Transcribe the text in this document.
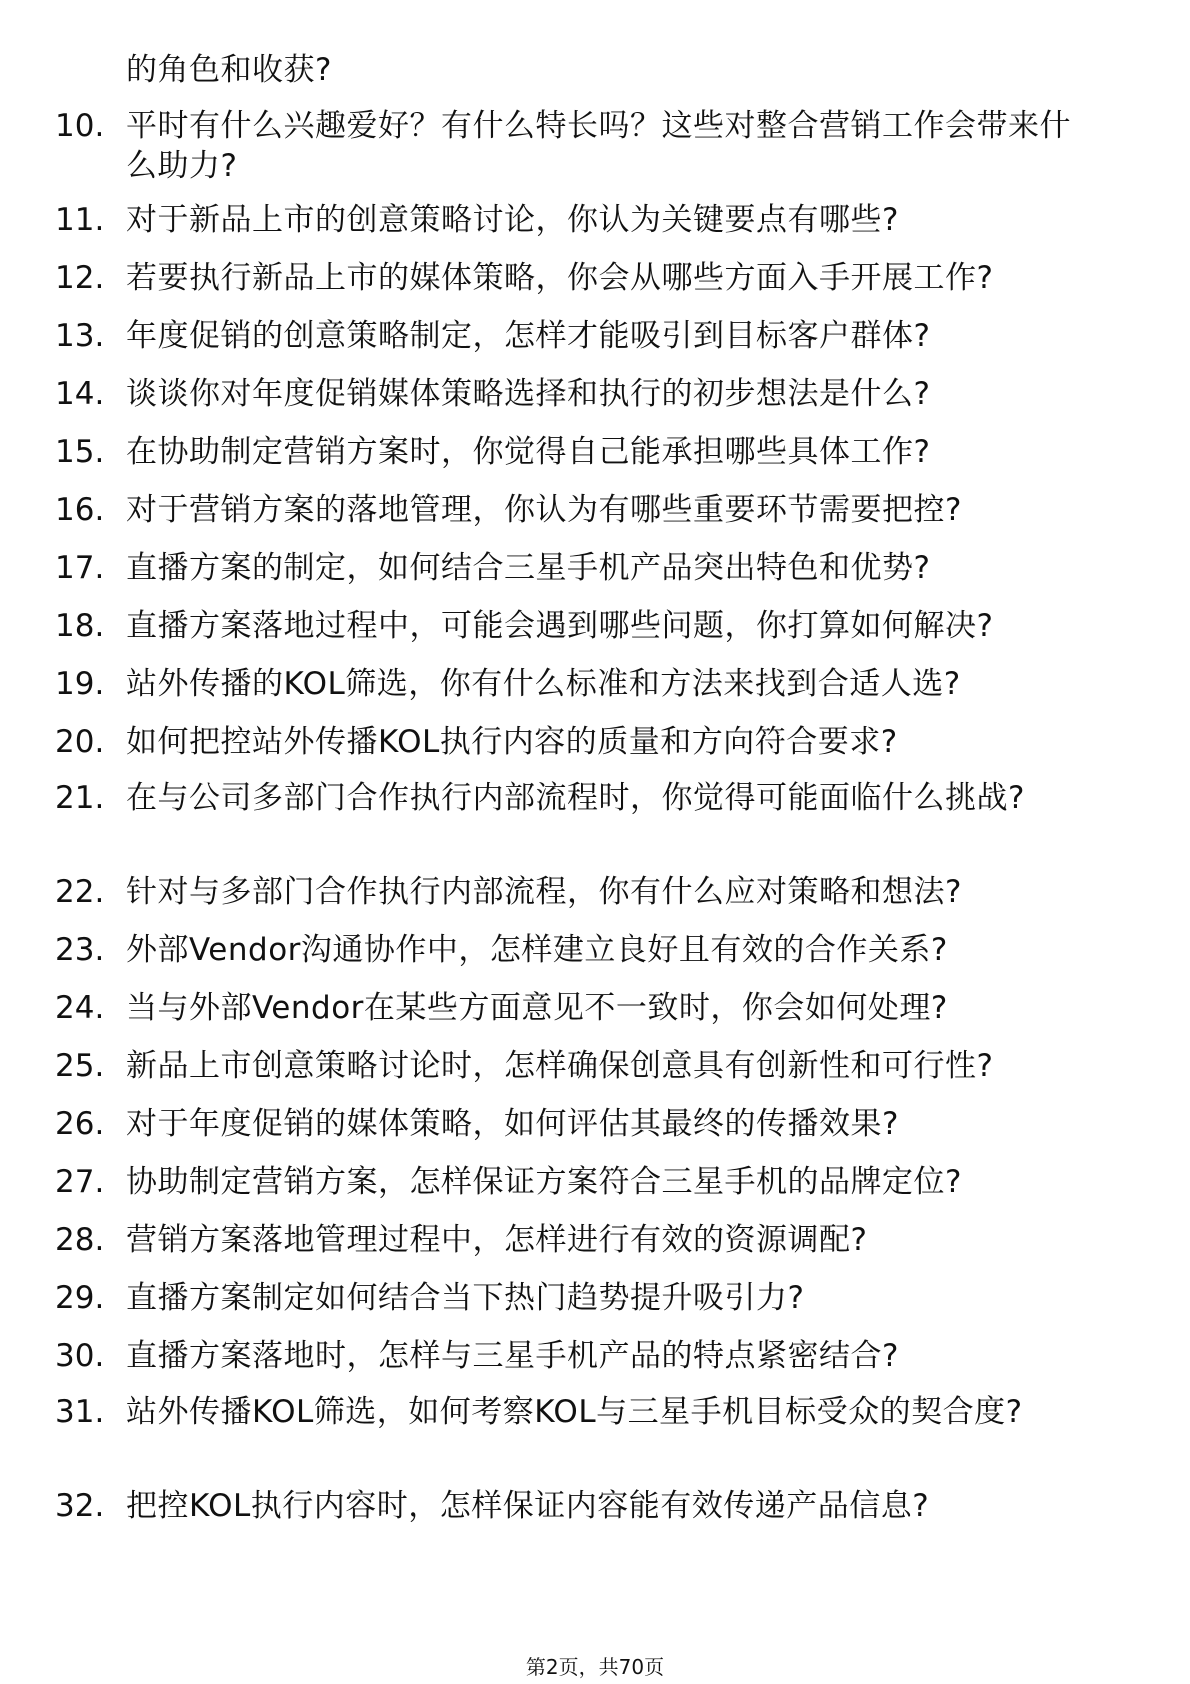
的角色和收获?
10. 平时有什么兴趣爱好？有什么特长吗？这些对整合营销工作会带来什么助力?
11. 对于新品上市的创意策略讨论，你认为关键要点有哪些?
12. 若要执行新品上市的媒体策略，你会从哪些方面入手开展工作?
13. 年度促销的创意策略制定，怎样才能吸引到目标客户群体?
14. 谈谈你对年度促销媒体策略选择和执行的初步想法是什么?
15. 在协助制定营销方案时，你觉得自己能承担哪些具体工作?
16. 对于营销方案的落地管理，你认为有哪些重要环节需要把控?
17. 直播方案的制定，如何结合三星手机产品突出特色和优势?
18. 直播方案落地过程中，可能会遇到哪些问题，你打算如何解决?
19. 站外传播的KOL筛选，你有什么标准和方法来找到合适人选?
20. 如何把控站外传播KOL执行内容的质量和方向符合要求?
21. 在与公司多部门合作执行内部流程时，你觉得可能面临什么挑战?
22. 针对与多部门合作执行内部流程，你有什么应对策略和想法?
23. 外部Vendor沟通协作中，怎样建立良好且有效的合作关系?
24. 当与外部Vendor在某些方面意见不一致时，你会如何处理?
25. 新品上市创意策略讨论时，怎样确保创意具有创新性和可行性?
26. 对于年度促销的媒体策略，如何评估其最终的传播效果?
27. 协助制定营销方案，怎样保证方案符合三星手机的品牌定位?
28. 营销方案落地管理过程中，怎样进行有效的资源调配?
29. 直播方案制定如何结合当下热门趋势提升吸引力?
30. 直播方案落地时，怎样与三星手机产品的特点紧密结合?
31. 站外传播KOL筛选，如何考察KOL与三星手机目标受众的契合度?
32. 把控KOL执行内容时，怎样保证内容能有效传递产品信息?
第2页，共70页
